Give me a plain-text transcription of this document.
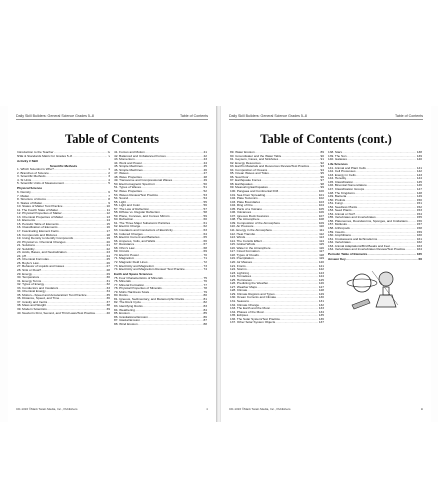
Daily Skill Builders: General Science Grades 5–8	Table of Contents
Table of Contents
Introduction to the Teacher .....	iv
NSE & Standards Matrix for Grades 5–8 .....	v
Activity # Skill
Scientific Methods
1. Which Scientist Is Who? .....	1
2. Branches of Science .....	2
3. Scientific Methods .....	3
4. SI Units .....	4
5. Scientific Units of Measurement .....	5
Physical Science
6. Density .....	6
7. Matter .....	7
8. Structure of Atoms .....	8
9. States of Matter .....	9
10. States of Matter Test Practice .....	10
11. The Fourth State of Matter .....	11
12. Physical Properties of Matter .....	12
13. Chemical Properties of Matter .....	13
14. Elements .....	14
15. Periodic Table of Elements .....	15
16. Classification of Elements .....	16
17. Fascinating Element Facts .....	17
18. Compounds and Mixtures .....	18
19. Using Density to Identify Compounds .....	19
20. Physical vs. Chemical Changes .....	20
21. Solutions .....	21
22. Solubility .....	22
23. Acids, Bases, and Neutralization .....	23
24. pH .....	24
25. Chemical Formulas .....	25
26. Boyle's Law .....	26
27. Behavior of Liquids and Gases .....	27
28. Sink or Float? .....	28
29. Energy .....	29
30. Temperature .....	30
31. Energy Terms .....	31
32. Types of Energy .....	32
33. Conductors and Insulators .....	33
34. Chemical Energy .....	34
35. Motion—Speed and Acceleration/ Test Practice .....	35
36. Distance, Speed, and Time .....	36
37. Gravity and Inertia .....	37
38. Mass and Weight .....	38
39. Modern Scientists .....	39
40. Newton's First, Second, and Third Laws/Test Practice .....	40
41. Forces and Motion .....	41
42. Balanced and Unbalanced Forces .....	42
43. Momentum .....	43
44. Work and Power .....	44
45. Simple Machines .....	45
46. Simple Machines .....	46
47. Waves .....	47
48. Wave Properties .....	48
49. Transverse and Compressional Waves .....	49
50. Electromagnetic Spectrum .....	50
51. Types of Waves .....	51
52. Wave Properties .....	52
53. Waves Review/Test Practice .....	53
54. Sound .....	54
55. Light .....	55
56. Light and Color .....	56
57. The Law of Reflection .....	57
58. Diffuse vs. Regular Reflection .....	58
59. Plane, Concave, and Convex Mirrors .....	59
60. Refraction .....	60
61. The Three Major Subatomic Particles .....	61
62. Electric Charge .....	62
63. Insulators and Conductors of Electricity .....	63
64. Induced Charges .....	64
65. Electric Current and Batteries .....	65
66. Amperes, Volts, and Watts .....	66
67. Resistance .....	67
68. Ohm's Law .....	68
69. Circuits .....	69
70. Electric Power .....	70
71. Magnetism .....	71
72. Magnetic Field Lines .....	72
73. Electricity and Magnetism .....	73
74. Electricity and Magnetism Review/ Test Practice .....	74
Earth and Space Sciences
75. Four Characteristics of Minerals .....	75
76. Minerals .....	76
77. Mineral Formation .....	77
78. Physical Properties of Minerals .....	78
79. Mohs Hardness Scale .....	79
80. Rocks .....	80
81. Igneous, Sedimentary, and Metamorphic Rocks .....	81
82. The Rock Cycle .....	82
83. Identifying Rocks .....	83
84. Weathering .....	84
85. Erosion .....	85
86. Gravitational Erosion .....	86
87. Glacial Erosion .....	87
88. Wind Erosion .....	88
CD-1316 ©Mark Twain Media, Inc., Publishers	ii
Daily Skill Builders: General Science Grades 5–8	Table of Contents
Table of Contents (cont.)
89. Water Erosion .....	89
90. Groundwater and the Water Table .....	90
91. Geysers, Caves, and Sinkholes .....	91
92. Energy Resources .....	92
93. Earth's Materials and Resources Review/Test Practice .....	93
94. Composition of Oceans .....	94
95. Ocean Waves and Tides .....	95
96. Sea Floor .....	96
97. Earthquake Forces .....	97
98. Earthquakes .....	98
99. Measuring Earthquakes .....	99
100. Pangaea and Continental Drift .....	100
101. Sea Floor Spreading .....	101
102. Plate Tectonics .....	102
103. Plate Boundaries .....	103
104. Ring of Fire .....	104
105. Parts of a Volcano .....	105
106. Volcanoes .....	106
107. Igneous Rock Features .....	107
108. The Atmosphere .....	108
109. Composition of the Atmosphere .....	109
110. Air Pressure .....	110
111. Energy in the Atmosphere .....	111
112. Heat Transfer .....	112
113. Winds .....	113
114. The Coriolis Effect .....	114
115. Global Winds .....	115
116. Water in the Atmosphere .....	116
117. Cloud Formation .....	117
118. Types of Clouds .....	118
119. Precipitation .....	119
120. Air Masses .....	120
121. Fronts .....	121
122. Storms .....	122
123. Lightning .....	123
124. Tornadoes .....	124
125. Hurricanes .....	125
126. Predicting the Weather .....	126
127. Weather Maps .....	127
128. Climate .....	128
129. Climate Regions and Types .....	129
130. Ocean Currents and Climate .....	130
131. Seasons .....	131
132. Climate Change .....	132
133. The Earth and the Moon .....	133
134. Phases of the Moon .....	134
135. Eclipses .....	135
136. The Solar System/Test Practice .....	136
137. Other Solar System Objects .....	137
138. Stars .....	138
139. The Sun .....	139
140. Galaxies .....	140
Life Sciences
141. Animal and Plant Cells .....	141
142. Cell Processes .....	142
143. Energy in Cells .....	143
144. Heredity .....	144
145. Classification .....	145
146. Binomial Nomenclature .....	146
147. Classification Groups .....	147
148. The Kingdoms .....	148
149. Bacteria .....	149
150. Protists .....	150
151. Fungi .....	151
152. Seedless Plants .....	152
153. Seed Plants .....	153
154. Animal or Not? .....	154
155. Vertebrates and Invertebrates .....	155
156. Platonemes, Roundworms, Sponges, and Cnidarians .....	156
157. Mollusks .....	157
158. Arthropods .....	158
159. Insects .....	159
160. Amphibians .....	160
161. Crustaceans and Echinoderms .....	161
162. Vertebrates .....	162
163. Animal Adaptations/Bird Beaks and Feet .....	163
164. Vertebrates and Invertebrates Review/Test Practice .....	164
Periodic Table of Elements .....	165
Answer Key .....	66
CD-1316 ©Mark Twain Media, Inc., Publishers	iii
